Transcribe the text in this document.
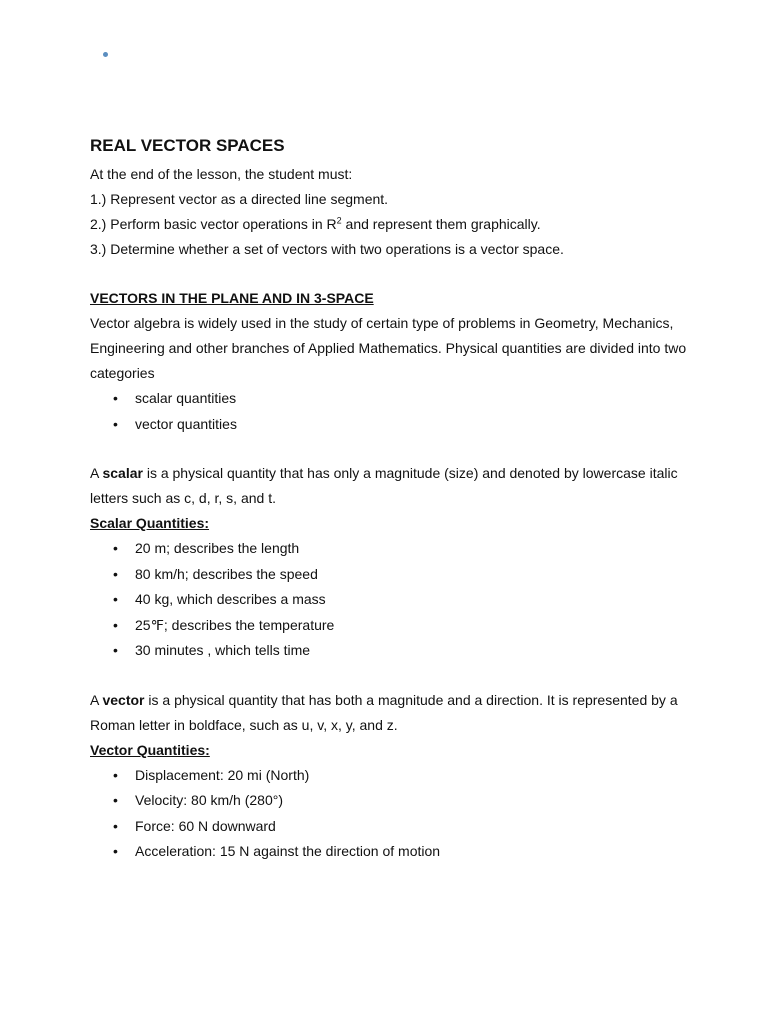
REAL VECTOR SPACES

At the end of the lesson, the student must:

1.) Represent vector as a directed line segment.

2.) Perform basic vector operations in $R^2$ and represent them graphically.

3.) Determine whether a set of vectors with two operations is a vector space.

VECTORS IN THE PLANE AND IN 3-SPACE

Vector algebra is widely used in the study of certain type of problems in Geometry, Mechanics,

Engineering and other branches of Applied Mathematics. Physical quantities are divided into two

categories

• scalar quantities
• vector quantities

A scalar is a physical quantity that has only a magnitude (size) and denoted by lowercase italic

letters such as c, d, r, s, and t.

Scalar Quantities:

• 20 m; describes the length
• 80 km/h; describes the speed
• 40 kg, which describes a mass
• 25℉; describes the temperature
• 30 minutes , which tells time

A vector is a physical quantity that has both a magnitude and a direction. It is represented by a

Roman letter in boldface, such as u, v, x, y, and z.

Vector Quantities:

• Displacement: 20 mi (North)
• Velocity: 80 km/h (280°)
• Force: 60 N downward
• Acceleration: 15 N against the direction of motion
